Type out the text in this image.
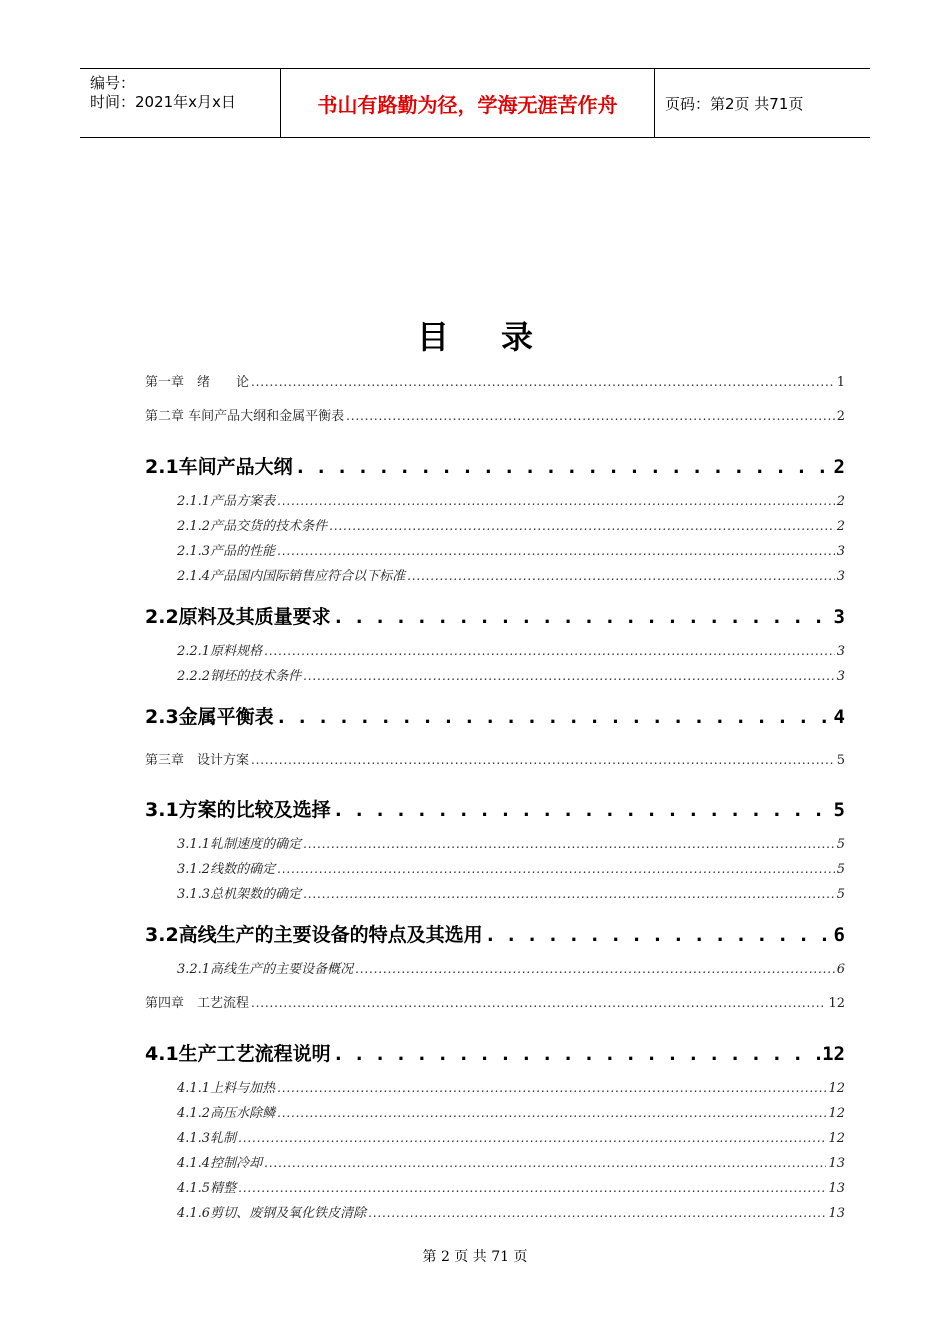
编号：
时间：2021年x月x日	书山有路勤为径，学海无涯苦作舟	页码：第2页 共71页
目录
第一章　绪　　论 . . .	1
第二章 车间产品大纲和金属平衡表 . . .	2
2.1车间产品大纲 . . .	2
2.1.1产品方案表 . . .	2
2.1.2产品交货的技术条件 . . .	2
2.1.3产品的性能 . . .	3
2.1.4产品国内国际销售应符合以下标准 . . .	3
2.2原料及其质量要求 . . .	3
2.2.1原料规格 . . .	3
2.2.2钢坯的技术条件 . . .	3
2.3金属平衡表 . . .	4
第三章　设计方案 . . .	5
3.1方案的比较及选择 . . .	5
3.1.1轧制速度的确定 . . .	5
3.1.2线数的确定 . . .	5
3.1.3总机架数的确定 . . .	5
3.2高线生产的主要设备的特点及其选用 . . .	6
3.2.1高线生产的主要设备概况 . . .	6
第四章　工艺流程 . . .	12
4.1生产工艺流程说明 . . .	12
4.1.1上料与加热 . . .	12
4.1.2高压水除鳞 . . .	12
4.1.3轧制 . . .	12
4.1.4控制冷却 . . .	13
4.1.5精整 . . .	13
4.1.6剪切、废钢及氧化铁皮清除 . . .	13
第 2 页 共 71 页
